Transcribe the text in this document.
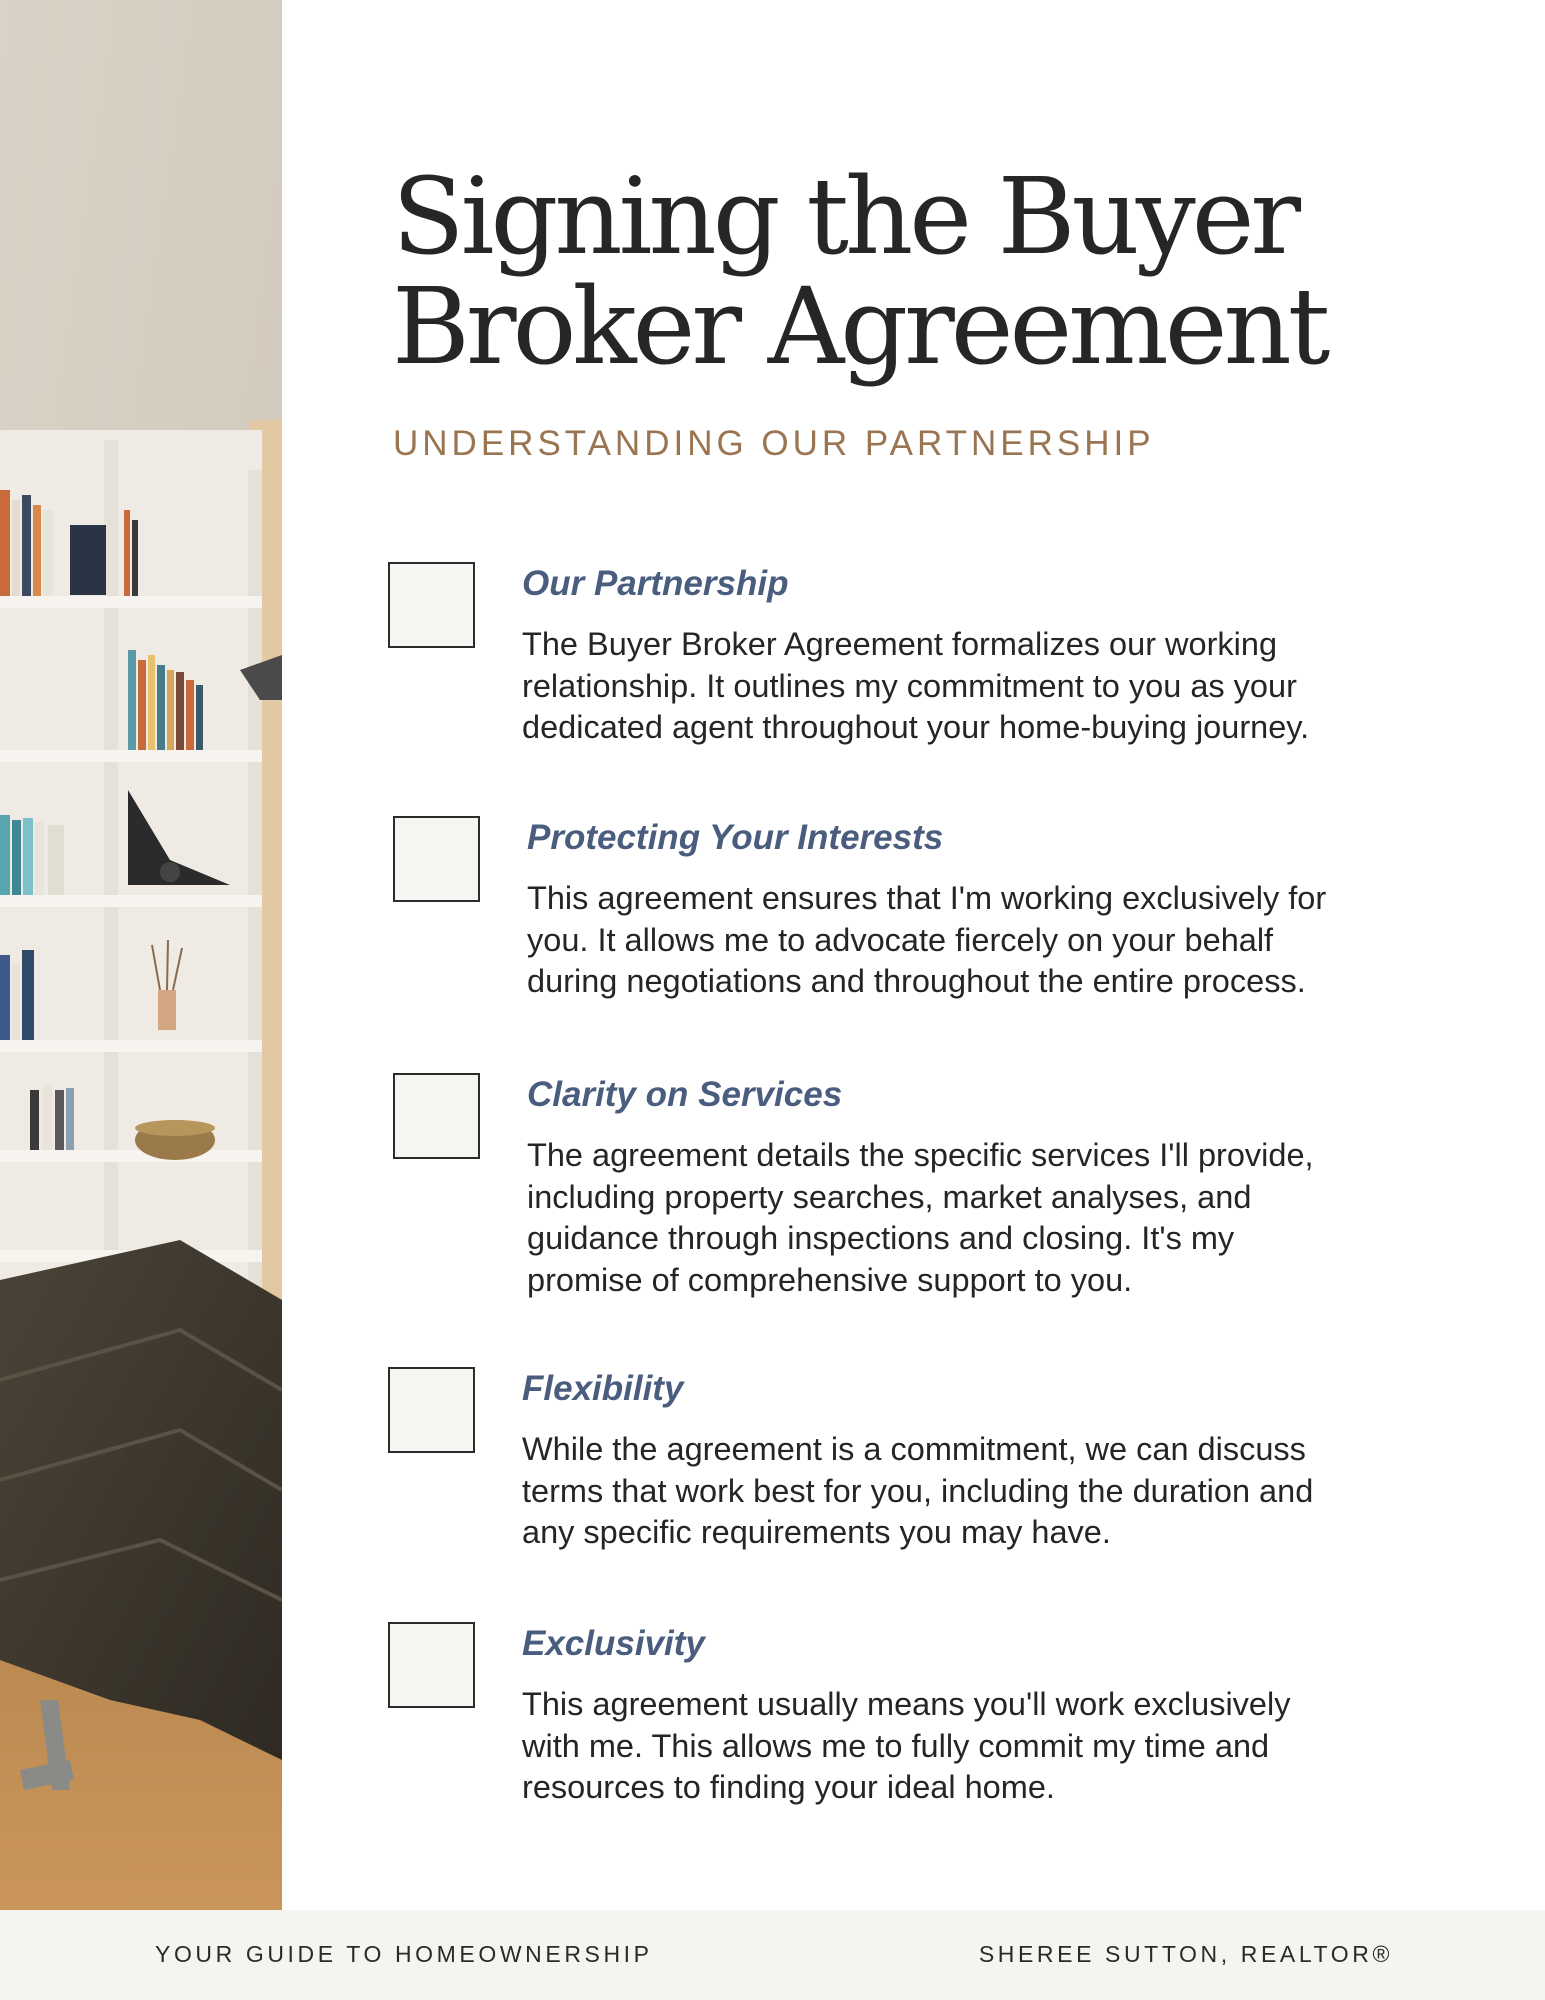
Signing the Buyer
Broker Agreement
UNDERSTANDING OUR PARTNERSHIP
Our Partnership
The Buyer Broker Agreement formalizes our working
relationship. It outlines my commitment to you as your
dedicated agent throughout your home-buying journey.
Protecting Your Interests
This agreement ensures that I'm working exclusively for
you. It allows me to advocate fiercely on your behalf
during negotiations and throughout the entire process.
Clarity on Services
The agreement details the specific services I'll provide,
including property searches, market analyses, and
guidance through inspections and closing. It's my
promise of comprehensive support to you.
Flexibility
While the agreement is a commitment, we can discuss
terms that work best for you, including the duration and
any specific requirements you may have.
Exclusivity
This agreement usually means you'll work exclusively
with me. This allows me to fully commit my time and
resources to finding your ideal home.
YOUR GUIDE TO HOMEOWNERSHIP	SHEREE SUTTON, REALTOR®
